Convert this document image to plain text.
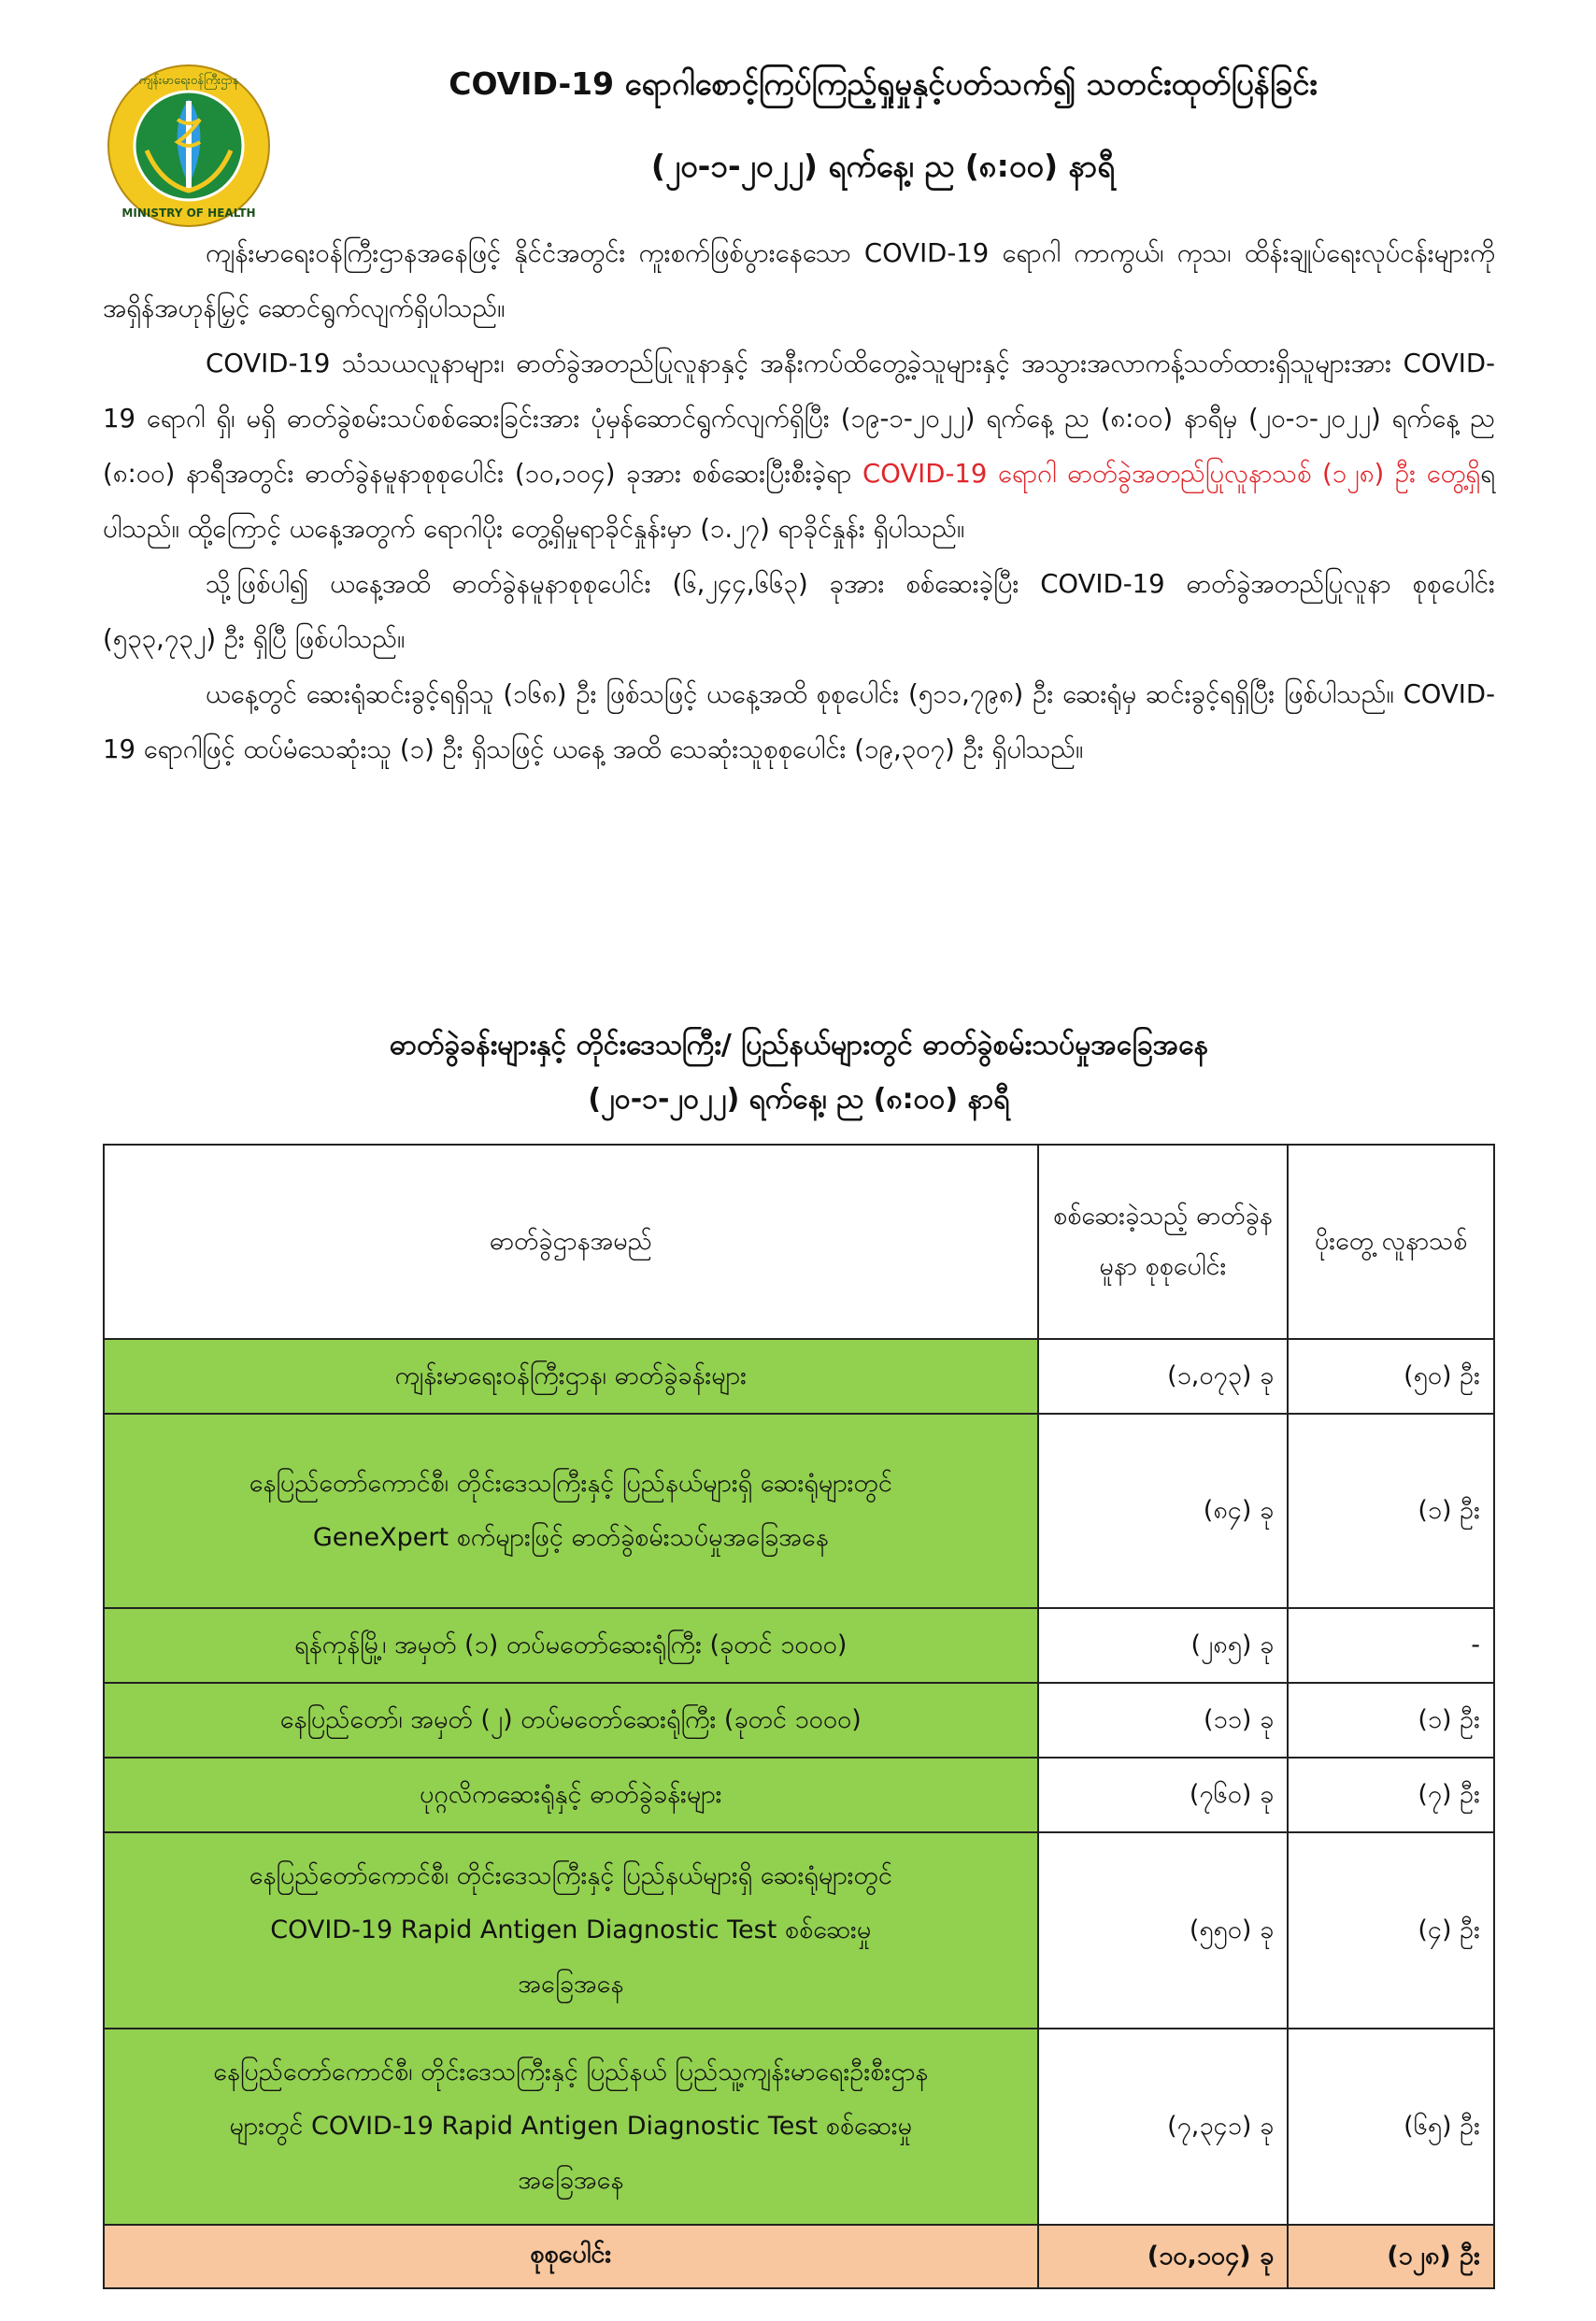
ကျန်းမာရေးဝန်ကြီးဌာန
MINISTRY OF HEALTH
COVID-19 ရောဂါစောင့်ကြပ်ကြည့်ရှုမှုနှင့်ပတ်သက်၍ သတင်းထုတ်ပြန်ခြင်း
(၂၀-၁-၂၀၂၂) ရက်နေ့၊ ည (၈:၀၀) နာရီ

ကျန်းမာရေးဝန်ကြီးဌာနအနေဖြင့် နိုင်ငံအတွင်း ကူးစက်ဖြစ်ပွားနေသော COVID-19 ရောဂါ ကာကွယ်၊ ကုသ၊ ထိန်းချုပ်ရေးလုပ်ငန်းများကို အရှိန်အဟုန်မြှင့် ဆောင်ရွက်လျက်ရှိပါသည်။

COVID-19 သံသယလူနာများ၊ ဓာတ်ခွဲအတည်ပြုလူနာနှင့် အနီးကပ်ထိတွေ့ခဲ့သူများနှင့် အသွားအလာကန့်သတ်ထားရှိသူများအား COVID-19 ရောဂါ ရှိ၊ မရှိ ဓာတ်ခွဲစမ်းသပ်စစ်ဆေးခြင်းအား ပုံမှန်ဆောင်ရွက်လျက်ရှိပြီး (၁၉-၁-၂၀၂၂) ရက်နေ့ ည (၈:၀၀) နာရီမှ (၂၀-၁-၂၀၂၂) ရက်နေ့ ည (၈:၀၀) နာရီအတွင်း ဓာတ်ခွဲနမူနာစုစုပေါင်း (၁၀,၁၀၄) ခုအား စစ်ဆေးပြီးစီးခဲ့ရာ COVID-19 ရောဂါ ဓာတ်ခွဲအတည်ပြုလူနာသစ် (၁၂၈) ဦး တွေ့ရှိရပါသည်။ ထို့ကြောင့် ယနေ့အတွက် ရောဂါပိုး တွေ့ရှိမှုရာခိုင်နှုန်းမှာ (၁.၂၇) ရာခိုင်နှုန်း ရှိပါသည်။

သို့ဖြစ်ပါ၍ ယနေ့အထိ ဓာတ်ခွဲနမူနာစုစုပေါင်း (၆,၂၄၄,၆၆၃) ခုအား စစ်ဆေးခဲ့ပြီး COVID-19 ဓာတ်ခွဲအတည်ပြုလူနာ စုစုပေါင်း (၅၃၃,၇၃၂) ဦး ရှိပြီ ဖြစ်ပါသည်။

ယနေ့တွင် ဆေးရုံဆင်းခွင့်ရရှိသူ (၁၆၈) ဦး ဖြစ်သဖြင့် ယနေ့အထိ စုစုပေါင်း (၅၁၁,၇၉၈) ဦး ဆေးရုံမှ ဆင်းခွင့်ရရှိပြီး ဖြစ်ပါသည်။ COVID-19 ရောဂါဖြင့် ထပ်မံသေဆုံးသူ (၁) ဦး ရှိသဖြင့် ယနေ့ အထိ သေဆုံးသူစုစုပေါင်း (၁၉,၃၀၇) ဦး ရှိပါသည်။

ဓာတ်ခွဲခန်းများနှင့် တိုင်းဒေသကြီး/ ပြည်နယ်များတွင် ဓာတ်ခွဲစမ်းသပ်မှုအခြေအနေ
(၂၀-၁-၂၀၂၂) ရက်နေ့၊ ည (၈:၀၀) နာရီ
ဓာတ်ခွဲဌာနအမည်	စစ်ဆေးခဲ့သည့် ဓာတ်ခွဲနမူနာ စုစုပေါင်း	ပိုးတွေ့ လူနာသစ်
ကျန်းမာရေးဝန်ကြီးဌာန၊ ဓာတ်ခွဲခန်းများ	(၁,၀၇၃) ခု	(၅၀) ဦး
နေပြည်တော်ကောင်စီ၊ တိုင်းဒေသကြီးနှင့် ပြည်နယ်များရှိ ဆေးရုံများတွင် GeneXpert စက်များဖြင့် ဓာတ်ခွဲစမ်းသပ်မှုအခြေအနေ	(၈၄) ခု	(၁) ဦး
ရန်ကုန်မြို့၊ အမှတ် (၁) တပ်မတော်ဆေးရုံကြီး (ခုတင် ၁၀၀၀)	(၂၈၅) ခု	-
နေပြည်တော်၊ အမှတ် (၂) တပ်မတော်ဆေးရုံကြီး (ခုတင် ၁၀၀၀)	(၁၁) ခု	(၁) ဦး
ပုဂ္ဂလိကဆေးရုံနှင့် ဓာတ်ခွဲခန်းများ	(၇၆၀) ခု	(၇) ဦး
နေပြည်တော်ကောင်စီ၊ တိုင်းဒေသကြီးနှင့် ပြည်နယ်များရှိ ဆေးရုံများတွင် COVID-19 Rapid Antigen Diagnostic Test စစ်ဆေးမှုအခြေအနေ	(၅၅၀) ခု	(၄) ဦး
နေပြည်တော်ကောင်စီ၊ တိုင်းဒေသကြီးနှင့် ပြည်နယ် ပြည်သူ့ကျန်းမာရေးဦးစီးဌာနများတွင် COVID-19 Rapid Antigen Diagnostic Test စစ်ဆေးမှုအခြေအနေ	(၇,၃၄၁) ခု	(၆၅) ဦး
စုစုပေါင်း	(၁၀,၁၀၄) ခု	(၁၂၈) ဦး
